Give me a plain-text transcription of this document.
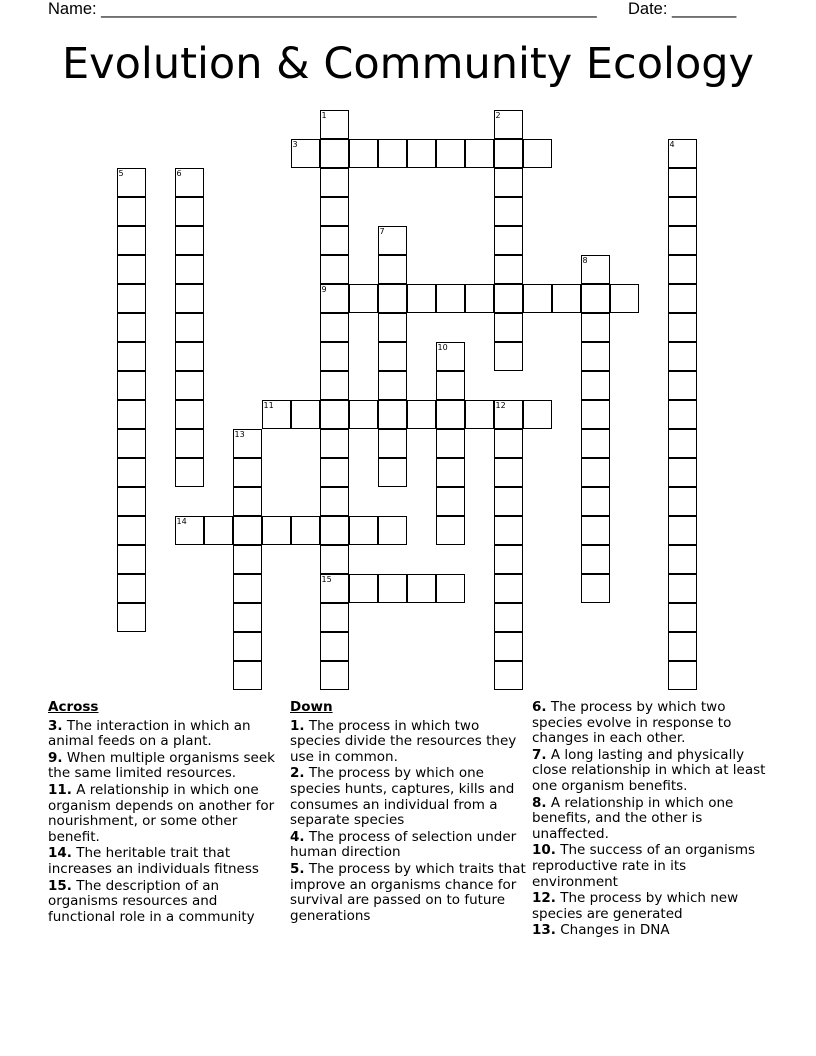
Name: ______________________________________________________ Date: _______
Evolution & Community Ecology
1	2
3	4
5	6
7
8
9
10
11	12
13
14
15
Across
3. The interaction in which an animal feeds on a plant.
9. When multiple organisms seek the same limited resources.
11. A relationship in which one organism depends on another for nourishment, or some other benefit.
14. The heritable trait that increases an individuals fitness
15. The description of an organisms resources and functional role in a community
Down
1. The process in which two species divide the resources they use in common.
2. The process by which one species hunts, captures, kills and consumes an individual from a separate species
4. The process of selection under human direction
5. The process by which traits that improve an organisms chance for survival are passed on to future generations
6. The process by which two species evolve in response to changes in each other.
7. A long lasting and physically close relationship in which at least one organism benefits.
8. A relationship in which one benefits, and the other is unaffected.
10. The success of an organisms reproductive rate in its environment
12. The process by which new species are generated
13. Changes in DNA
